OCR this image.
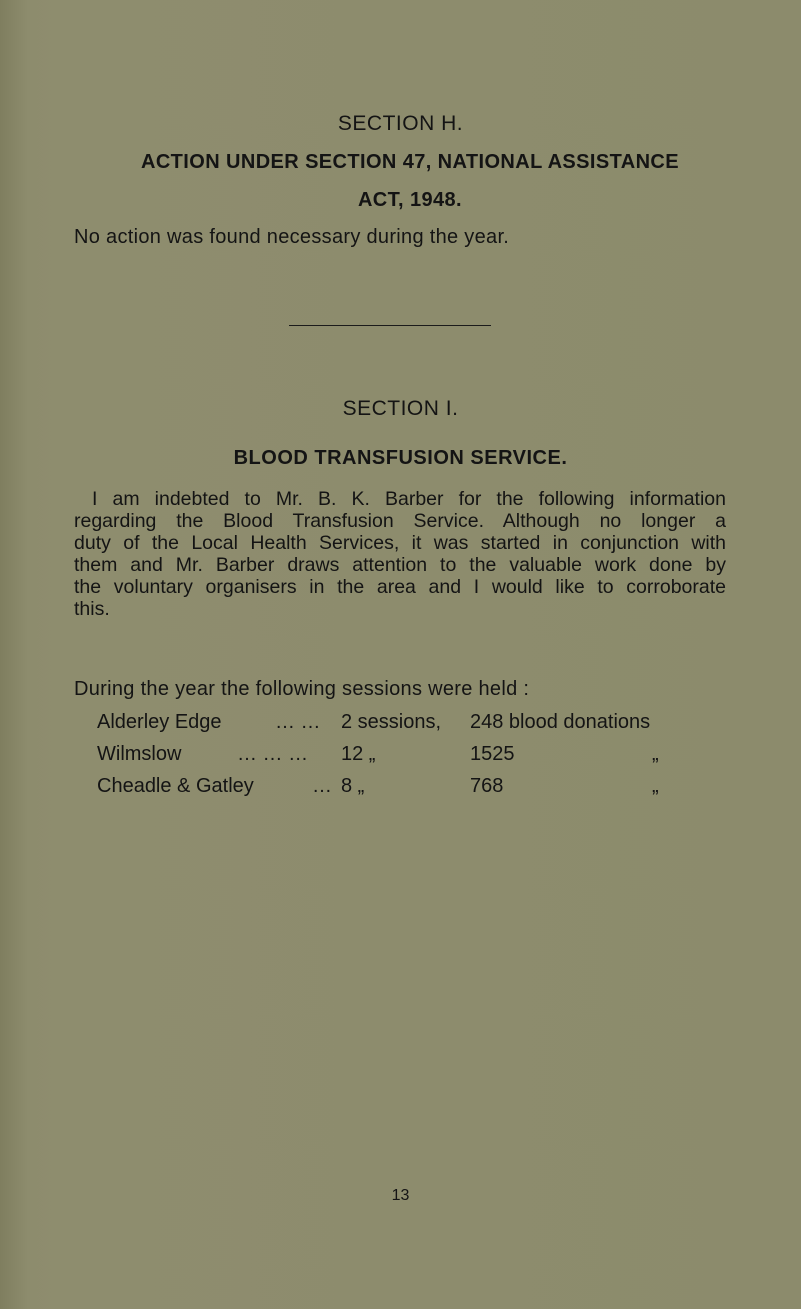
SECTION H.
ACTION UNDER SECTION 47, NATIONAL ASSISTANCE
ACT, 1948.
No action was found necessary during the year.
SECTION I.
BLOOD TRANSFUSION SERVICE.
I am indebted to Mr. B. K. Barber for the following information
regarding the Blood Transfusion Service. Although no longer a
duty of the Local Health Services, it was started in conjunction with
them and Mr. Barber draws attention to the valuable work done by
the voluntary organisers in the area and I would like to corroborate
this.
During the year the following sessions were held :
Alderley Edge	… … 2 sessions, 248 blood donations
Wilmslow	… … … 12 „	1525	„
Cheadle & Gatley	… 8 „	768	„
13
